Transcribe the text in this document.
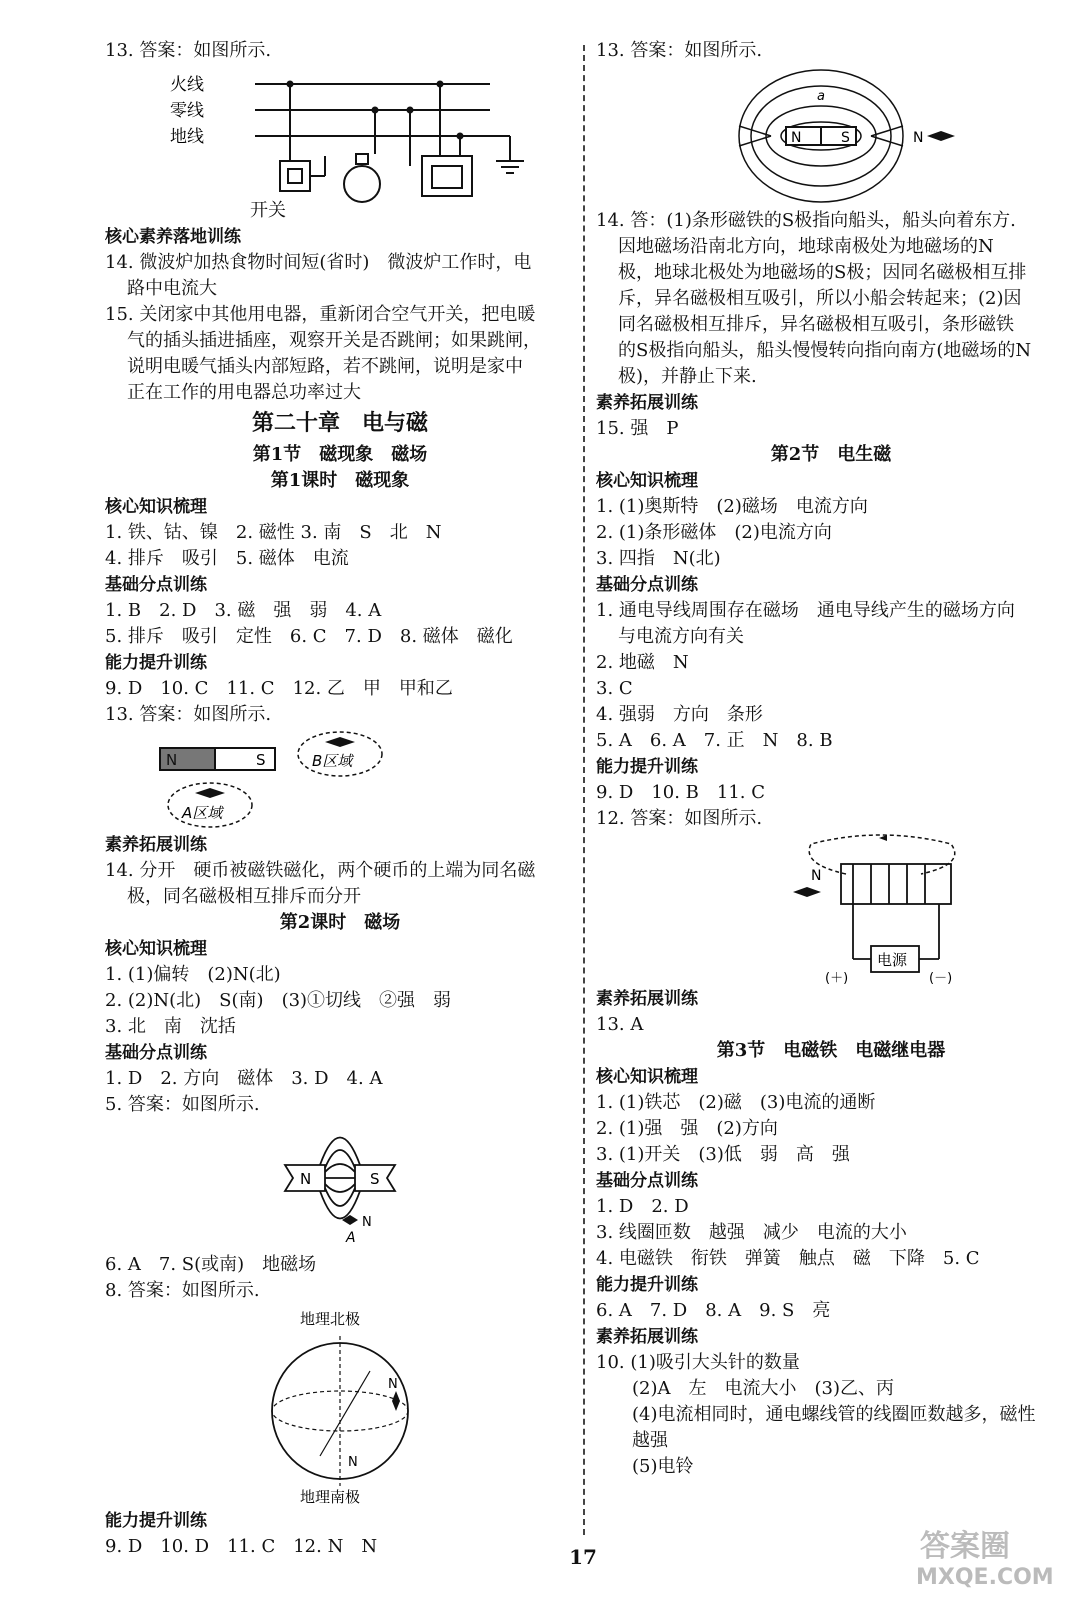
13. 答案：如图所示.

火线
零线
地线

开关

核心素养落地训练

14. 微波炉加热食物时间短(省时)　微波炉工作时，电

路中电流大

15. 关闭家中其他用电器，重新闭合空气开关，把电暖

气的插头插进插座，观察开关是否跳闸；如果跳闸，

说明电暖气插头内部短路，若不跳闸，说明是家中

正在工作的用电器总功率过大

第二十章　电与磁

第1节　磁现象　磁场

第1课时　磁现象

核心知识梳理

1. 铁、钴、镍　2. 磁性 3. 南　S　北　N

4. 排斥　吸引　5. 磁体　电流

基础分点训练

1. B　2. D　3. 磁　强　弱　4. A

5. 排斥　吸引　定性　6. C　7. D　8. 磁体　磁化

能力提升训练

9. D　10. C　11. C　12. 乙　甲　甲和乙

13. 答案：如图所示.

N	S	B区域
A区域

素养拓展训练

14. 分开　硬币被磁铁磁化，两个硬币的上端为同名磁

极，同名磁极相互排斥而分开

第2课时　磁场

核心知识梳理

1. (1)偏转　(2)N(北)

2. (2)N(北)　S(南)　(3)①切线　②强　弱

3. 北　南　沈括

基础分点训练

1. D　2. 方向　磁体　3. D　4. A

5. 答案：如图所示.

N	S
N
A

6. A　7. S(或南)　地磁场

8. 答案：如图所示.

地理北极
N
N
地理南极

能力提升训练

9. D　10. D　11. C　12. N　N

13. 答案：如图所示.

N	S
a
N

14. 答：(1)条形磁铁的S极指向船头，船头向着东方.

因地磁场沿南北方向，地球南极处为地磁场的N

极，地球北极处为地磁场的S极；因同名磁极相互排

斥，异名磁极相互吸引，所以小船会转起来；(2)因

同名磁极相互排斥，异名磁极相互吸引，条形磁铁

的S极指向船头，船头慢慢转向指向南方(地磁场的N

极)，并静止下来.

素养拓展训练

15. 强　P

第2节　电生磁

核心知识梳理

1. (1)奥斯特　(2)磁场　电流方向

2. (1)条形磁体　(2)电流方向

3. 四指　N(北)

基础分点训练

1. 通电导线周围存在磁场　通电导线产生的磁场方向

与电流方向有关

2. 地磁　N

3. C

4. 强弱　方向　条形

5. A　6. A　7. 正　N　8. B

能力提升训练

9. D　10. B　11. C

12. 答案：如图所示.

电源
(＋)	(－)
N

素养拓展训练

13. A

第3节　电磁铁　电磁继电器

核心知识梳理

1. (1)铁芯　(2)磁　(3)电流的通断

2. (1)强　强　(2)方向

3. (1)开关　(3)低　弱　高　强

基础分点训练

1. D　2. D

3. 线圈匝数　越强　减少　电流的大小

4. 电磁铁　衔铁　弹簧　触点　磁　下降　5. C

能力提升训练

6. A　7. D　8. A　9. S　亮

素养拓展训练

10. (1)吸引大头针的数量

(2)A　左　电流大小　(3)乙、丙

(4)电流相同时，通电螺线管的线圈匝数越多，磁性

越强

(5)电铃

17	答案圈
MXQE.COM
